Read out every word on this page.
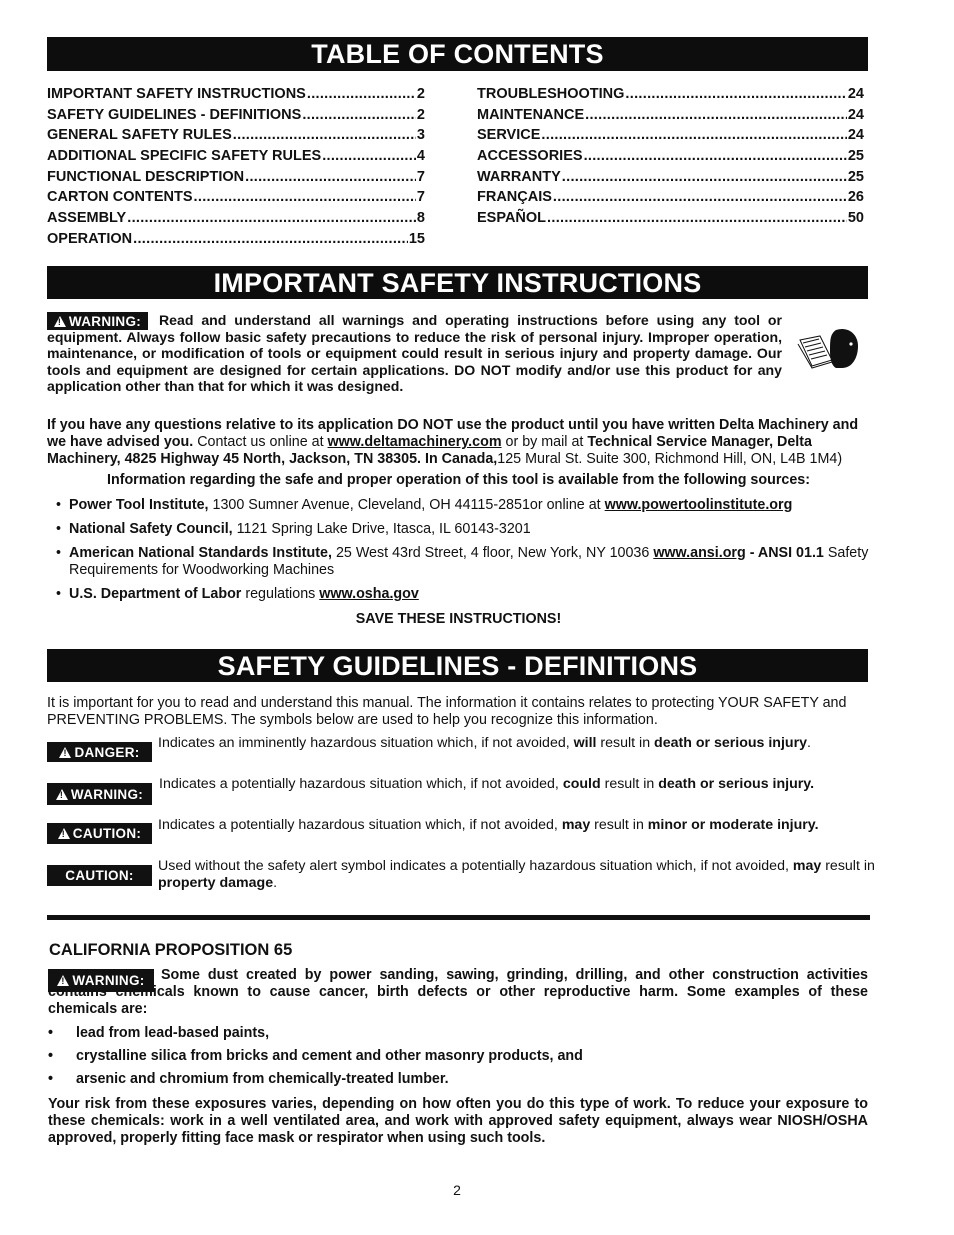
TABLE OF CONTENTS
IMPORTANT SAFETY INSTRUCTIONS .....	2
SAFETY GUIDELINES - DEFINITIONS .....	2
GENERAL SAFETY RULES .....	3
ADDITIONAL SPECIFIC SAFETY RULES .....	4
FUNCTIONAL DESCRIPTION .....	7
CARTON CONTENTS .....	7
ASSEMBLY .....	8
OPERATION .....	15
TROUBLESHOOTING .....	24
MAINTENANCE .....	24
SERVICE .....	24
ACCESSORIES .....	25
WARRANTY .....	25
FRANÇAIS .....	26
ESPAÑOL .....	50
IMPORTANT SAFETY INSTRUCTIONS
!
WARNING:	Read and understand all warnings and operating instructions before using any tool or equipment. Always follow basic safety precautions to reduce the risk of personal injury. Improper operation, maintenance, or modification of tools or equipment could result in serious injury and property damage. Our tools and equipment are designed for certain applications. DO NOT modify and/or use this product for any application other than that for which it was designed.
If you have any questions relative to its application DO NOT use the product until you have written Delta Machinery and we have advised you. Contact us online at www.deltamachinery.com or by mail at Technical Service Manager, Delta Machinery, 4825 Highway 45 North, Jackson, TN 38305. In Canada,125 Mural St. Suite 300, Richmond Hill, ON, L4B 1M4)
Information regarding the safe and proper operation of this tool is available from the following sources:
• Power Tool Institute, 1300 Sumner Avenue, Cleveland, OH 44115-2851or online at www.powertoolinstitute.org
• National Safety Council, 1121 Spring Lake Drive, Itasca, IL 60143-3201
• American National Standards Institute, 25 West 43rd Street, 4 floor, New York, NY 10036 www.ansi.org - ANSI 01.1 Safety Requirements for Woodworking Machines
• U.S. Department of Labor regulations www.osha.gov
SAVE THESE INSTRUCTIONS!
SAFETY GUIDELINES - DEFINITIONS
It is important for you to read and understand this manual. The information it contains relates to protecting YOUR SAFETY and PREVENTING PROBLEMS. The symbols below are used to help you recognize this information.
!
DANGER:
Indicates an imminently hazardous situation which, if not avoided, will result in death or serious injury.
!
WARNING:
Indicates a potentially hazardous situation which, if not avoided, could result in death or serious injury.
!
CAUTION:
Indicates a potentially hazardous situation which, if not avoided, may result in minor or moderate injury.
CAUTION:
Used without the safety alert symbol indicates a potentially hazardous situation which, if not avoided, may result in property damage.
CALIFORNIA PROPOSITION 65
!
WARNING:	Some dust created by power sanding, sawing, grinding, drilling, and other construction activities contains chemicals known to cause cancer, birth defects or other reproductive harm. Some examples of these chemicals are:
• lead from lead-based paints,
• crystalline silica from bricks and cement and other masonry products, and
• arsenic and chromium from chemically-treated lumber.
Your risk from these exposures varies, depending on how often you do this type of work. To reduce your exposure to these chemicals: work in a well ventilated area, and work with approved safety equipment, always wear NIOSH/OSHA approved, properly fitting face mask or respirator when using such tools.
2
